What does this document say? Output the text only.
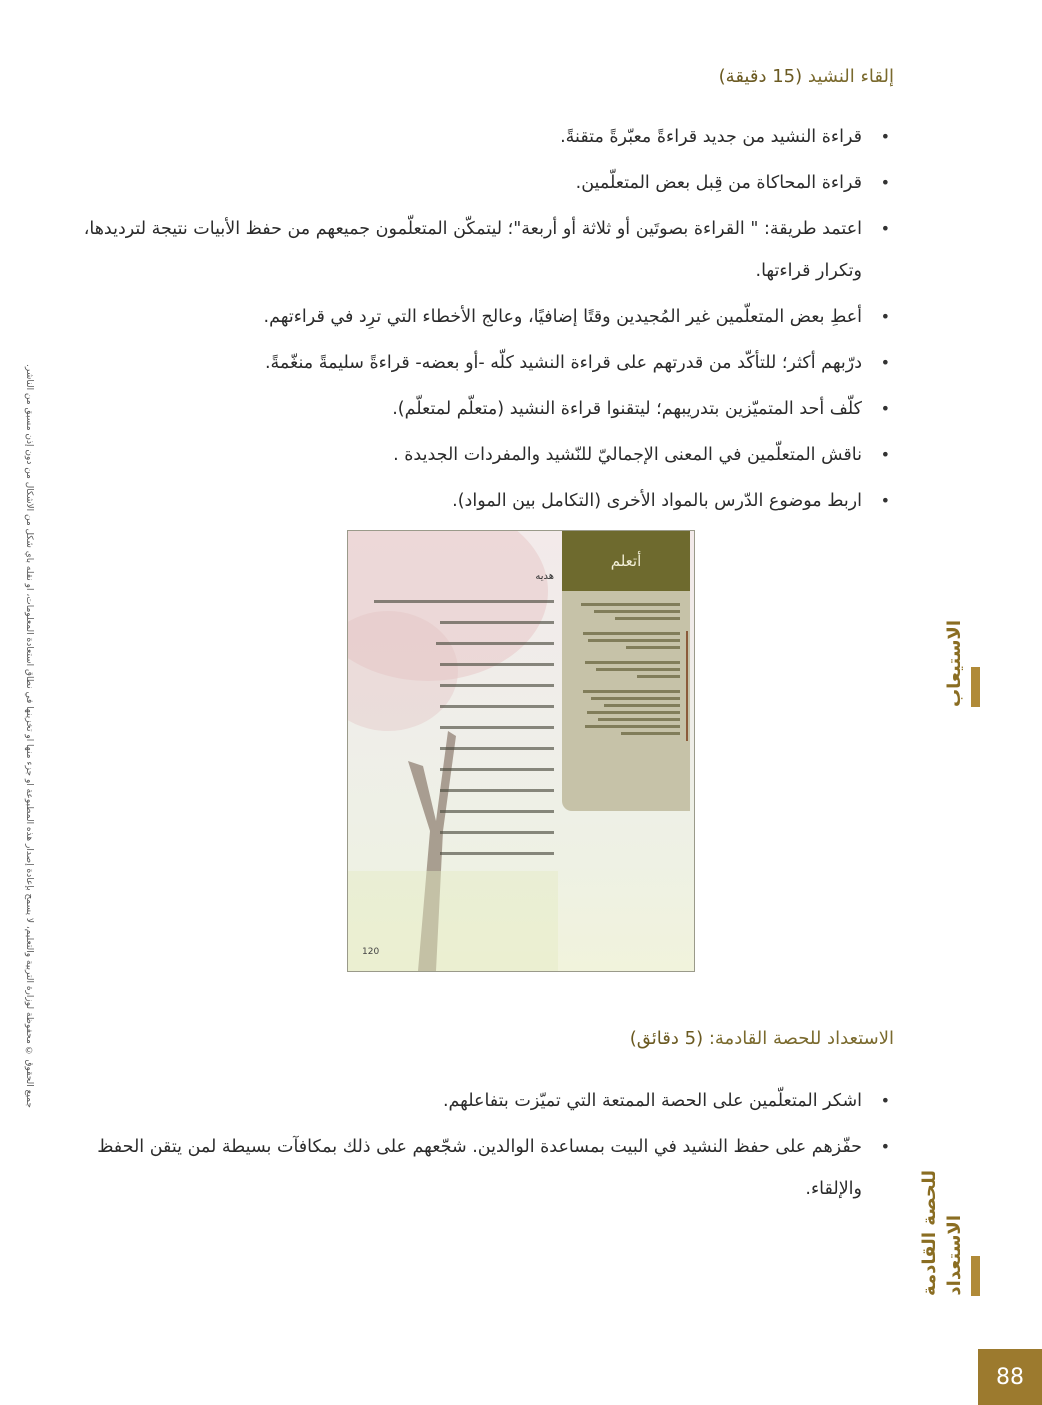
إلقاء النشيد (15 دقيقة)
• قراءة النشيد من جديد قراءةً معبّرةً متقنةً.
• قراءة المحاكاة من قِبل بعض المتعلّمين.
• اعتمد طريقة: " القراءة بصوتَين أو ثلاثة أو أربعة"؛ ليتمكّن المتعلّمون جميعهم من حفظ الأبيات نتيجة لترديدها، وتكرار قراءتها.
• أعطِ بعض المتعلّمين غير المُجيدين وقتًا إضافيًا، وعالج الأخطاء التي ترِد في قراءتهم.
• درّبهم أكثر؛ للتأكّد من قدرتهم على قراءة النشيد كلّه -أو بعضه- قراءةً سليمةً منغّمةً.
• كلّف أحد المتميّزين بتدريبهم؛ ليتقنوا قراءة النشيد (متعلّم لمتعلّم).
• ناقش المتعلّمين في المعنى الإجماليّ للنّشيد والمفردات الجديدة .
• اربط موضوع الدّرس بالمواد الأخرى (التكامل بين المواد).
أتعلم
هديه
120
الاستعداد للحصة القادمة: (5 دقائق)
• اشكر المتعلّمين على الحصة الممتعة التي تميّزت بتفاعلهم.
• حفّزهم على حفظ النشيد في البيت بمساعدة الوالدين. شجّعهم على ذلك بمكافآت بسيطة لمن يتقن الحفظ والإلقاء.
الاستيعاب
للحصة القادمة الاستعداد
جميع الحقوق © محفوظة لوزارة التربية والتعليم، لا يسمح بإعادة إصدار هذه المطبوعة أو جزء منها أو تخزينها في نطاق استعادة المعلومات، أو نقله بأي شكل من الأشكال من دون إذن مسبق من الناشر.
88
